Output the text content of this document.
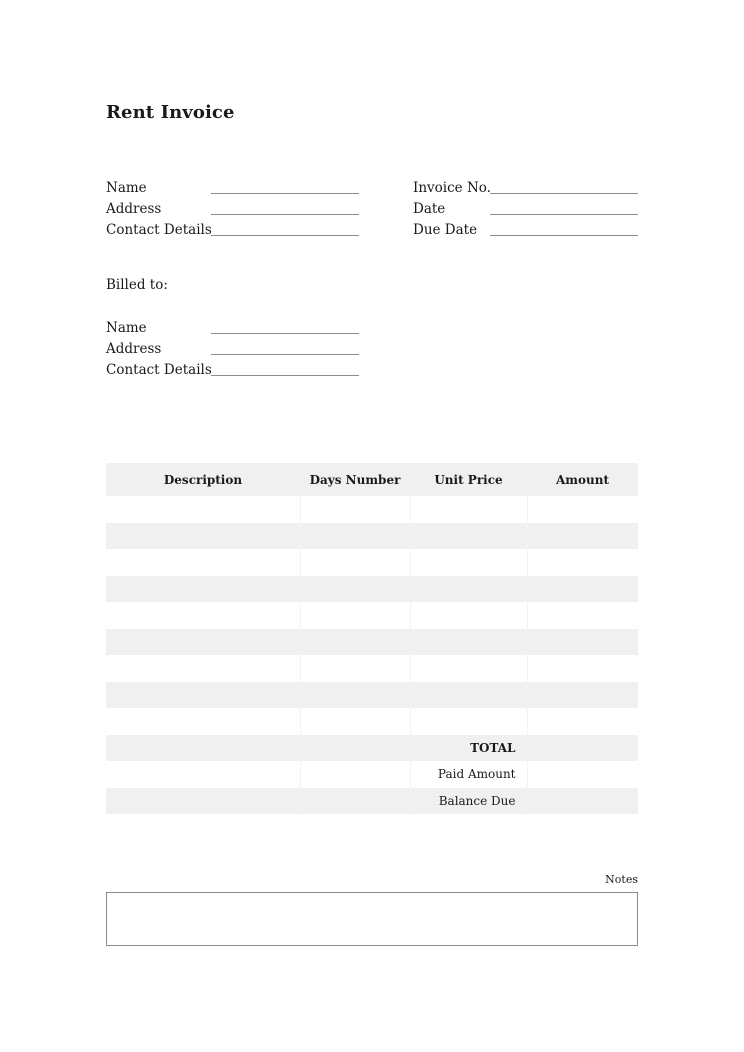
Rent Invoice
Name
Address
Contact Details
Invoice No.
Date
Due Date
Billed to:
Name
Address
Contact Details
Description	Days Number	Unit Price	Amount

		TOTAL	
		Paid Amount	
		Balance Due	
Notes
